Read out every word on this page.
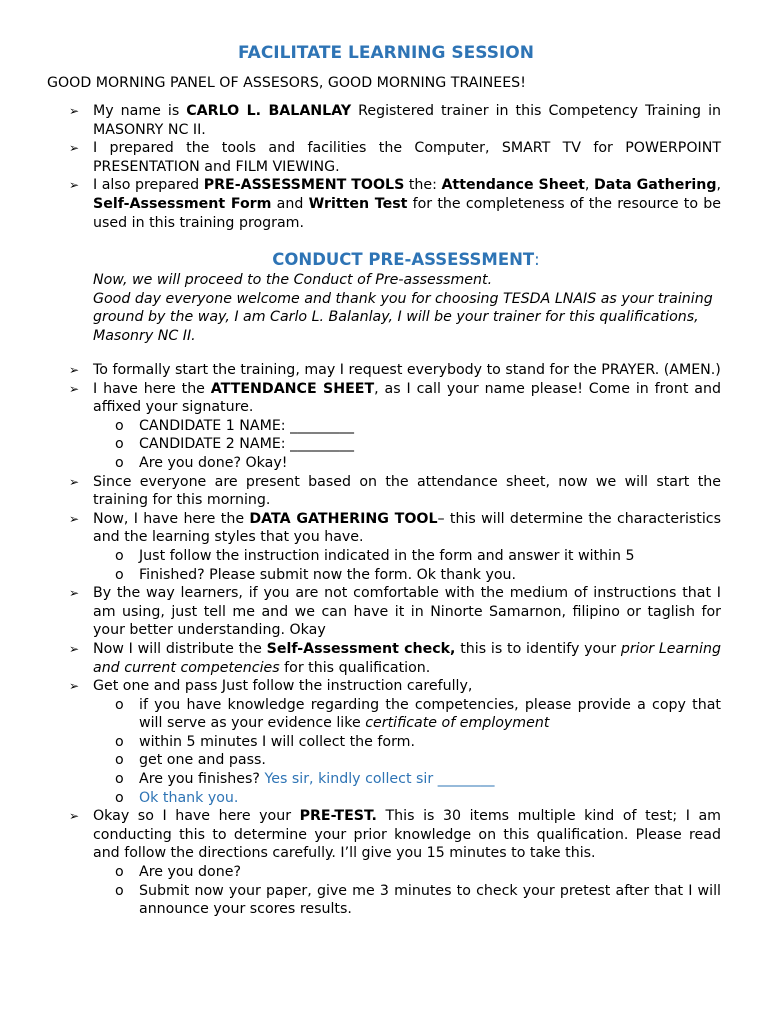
FACILITATE LEARNING SESSION

GOOD MORNING PANEL OF ASSESORS, GOOD MORNING TRAINEES!

➢ My name is CARLO L. BALANLAY Registered trainer in this Competency Training in MASONRY NC II.
➢ I prepared the tools and facilities the Computer, SMART TV for POWERPOINT PRESENTATION and FILM VIEWING.
➢ I also prepared PRE-ASSESSMENT TOOLS the: Attendance Sheet, Data Gathering, Self-Assessment Form and Written Test for the completeness of the resource to be used in this training program.
CONDUCT PRE-ASSESSMENT:
Now, we will proceed to the Conduct of Pre-assessment.
Good day everyone welcome and thank you for choosing TESDA LNAIS as your training ground by the way, I am Carlo L. Balanlay, I will be your trainer for this qualifications, Masonry NC II.
➢ To formally start the training, may I request everybody to stand for the PRAYER. (AMEN.)
➢ I have here the ATTENDANCE SHEET, as I call your name please! Come in front and affixed your signature.
o CANDIDATE 1 NAME: _________
o CANDIDATE 2 NAME: _________
o Are you done? Okay!
➢ Since everyone are present based on the attendance sheet, now we will start the training for this morning.
➢ Now, I have here the DATA GATHERING TOOL– this will determine the characteristics and the learning styles that you have.
o Just follow the instruction indicated in the form and answer it within 5
o Finished? Please submit now the form. Ok thank you.
➢ By the way learners, if you are not comfortable with the medium of instructions that I am using, just tell me and we can have it in Ninorte Samarnon, filipino or taglish for your better understanding. Okay
➢ Now I will distribute the Self-Assessment check, this is to identify your prior Learning and current competencies for this qualification.
➢ Get one and pass Just follow the instruction carefully,
o if you have knowledge regarding the competencies, please provide a copy that will serve as your evidence like certificate of employment
o within 5 minutes I will collect the form.
o get one and pass.
o Are you finishes? Yes sir, kindly collect sir ________
o Ok thank you.
➢ Okay so I have here your PRE-TEST. This is 30 items multiple kind of test; I am conducting this to determine your prior knowledge on this qualification. Please read and follow the directions carefully. I’ll give you 15 minutes to take this.
o Are you done?
o Submit now your paper, give me 3 minutes to check your pretest after that I will announce your scores results.
